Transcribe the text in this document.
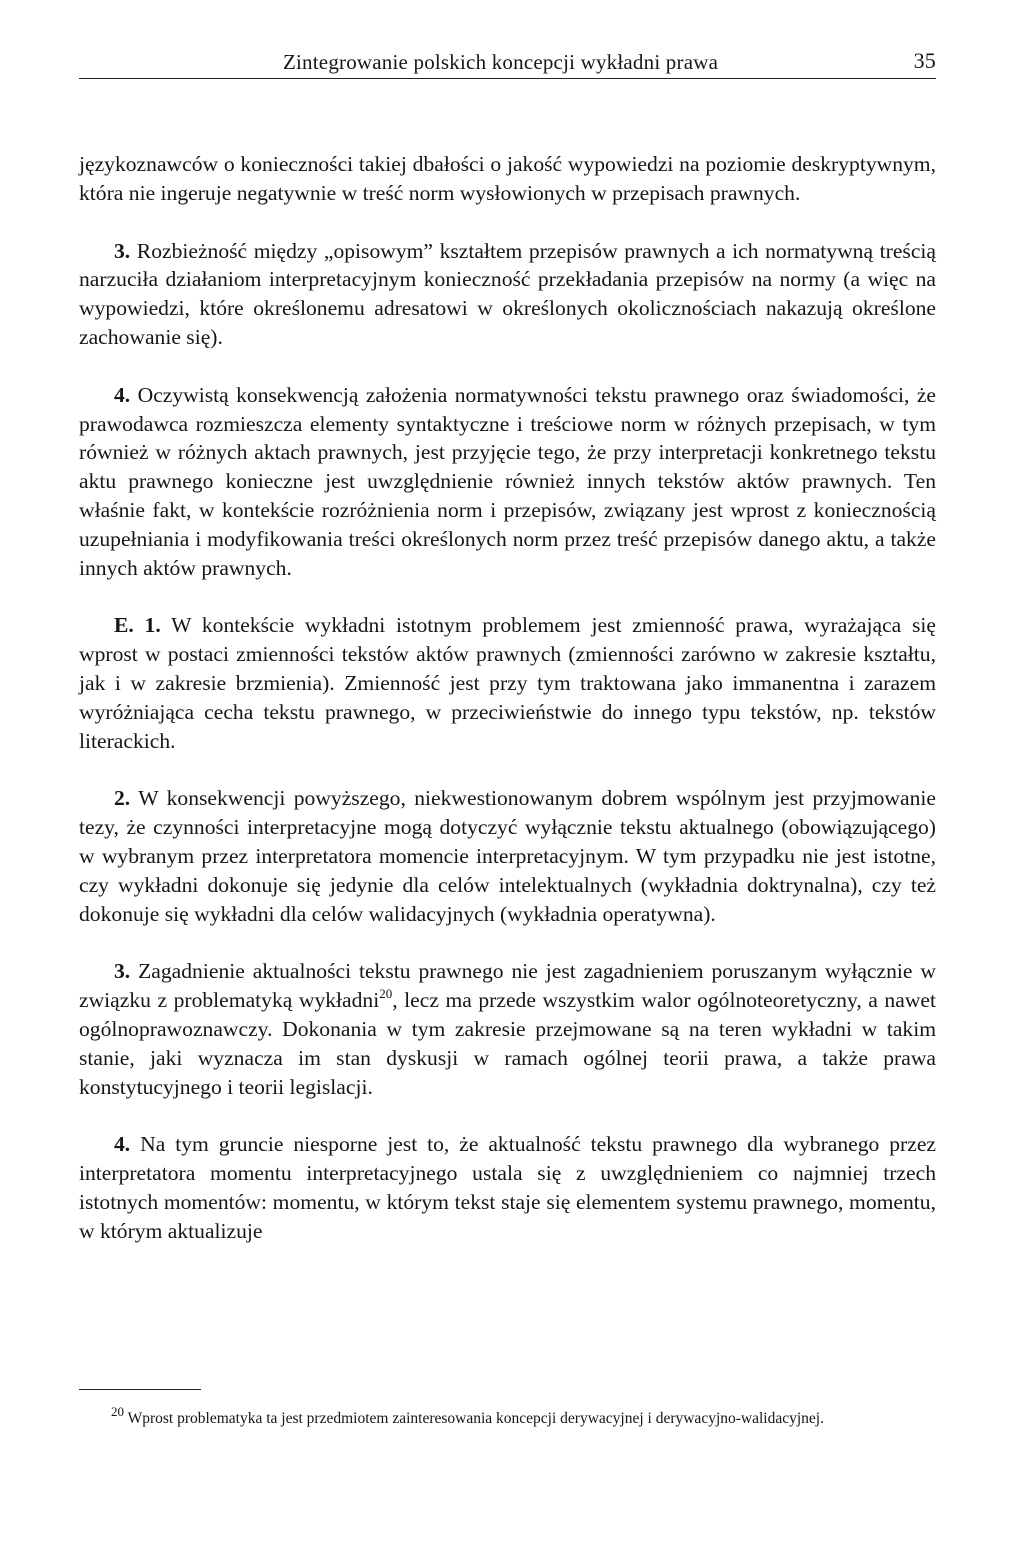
Zintegrowanie polskich koncepcji wykładni prawa	35

językoznawców o konieczności takiej dbałości o jakość wypowiedzi na poziomie deskryptywnym, która nie ingeruje negatywnie w treść norm wysłowionych w przepisach prawnych.

3. Rozbieżność między „opisowym” kształtem przepisów prawnych a ich normatywną treścią narzuciła działaniom interpretacyjnym konieczność przekładania przepisów na normy (a więc na wypowiedzi, które określonemu adresatowi w określonych okolicznościach nakazują określone zachowanie się).

4. Oczywistą konsekwencją założenia normatywności tekstu prawnego oraz świadomości, że prawodawca rozmieszcza elementy syntaktyczne i treściowe norm w różnych przepisach, w tym również w różnych aktach prawnych, jest przyjęcie tego, że przy interpretacji konkretnego tekstu aktu prawnego konieczne jest uwzględnienie również innych tekstów aktów prawnych. Ten właśnie fakt, w kontekście rozróżnienia norm i przepisów, związany jest wprost z koniecznością uzupełniania i modyfikowania treści określonych norm przez treść przepisów danego aktu, a także innych aktów prawnych.

E. 1. W kontekście wykładni istotnym problemem jest zmienność prawa, wyrażająca się wprost w postaci zmienności tekstów aktów prawnych (zmienności zarówno w zakresie kształtu, jak i w zakresie brzmienia). Zmienność jest przy tym traktowana jako immanentna i zarazem wyróżniająca cecha tekstu prawnego, w przeciwieństwie do innego typu tekstów, np. tekstów literackich.

2. W konsekwencji powyższego, niekwestionowanym dobrem wspólnym jest przyjmowanie tezy, że czynności interpretacyjne mogą dotyczyć wyłącznie tekstu aktualnego (obowiązującego) w wybranym przez interpretatora momencie interpretacyjnym. W tym przypadku nie jest istotne, czy wykładni dokonuje się jedynie dla celów intelektualnych (wykładnia doktrynalna), czy też dokonuje się wykładni dla celów walidacyjnych (wykładnia operatywna).

3. Zagadnienie aktualności tekstu prawnego nie jest zagadnieniem poruszanym wyłącznie w związku z problematyką wykładni$^{20}$, lecz ma przede wszystkim walor ogólnoteoretyczny, a nawet ogólnoprawoznawczy. Dokonania w tym zakresie przejmowane są na teren wykładni w takim stanie, jaki wyznacza im stan dyskusji w ramach ogólnej teorii prawa, a także prawa konstytucyjnego i teorii legislacji.

4. Na tym gruncie niesporne jest to, że aktualność tekstu prawnego dla wybranego przez interpretatora momentu interpretacyjnego ustala się z uwzględnieniem co najmniej trzech istotnych momentów: momentu, w którym tekst staje się elementem systemu prawnego, momentu, w którym aktualizuje

$^{20}$ Wprost problematyka ta jest przedmiotem zainteresowania koncepcji derywacyjnej i derywacyjno-walidacyjnej.
